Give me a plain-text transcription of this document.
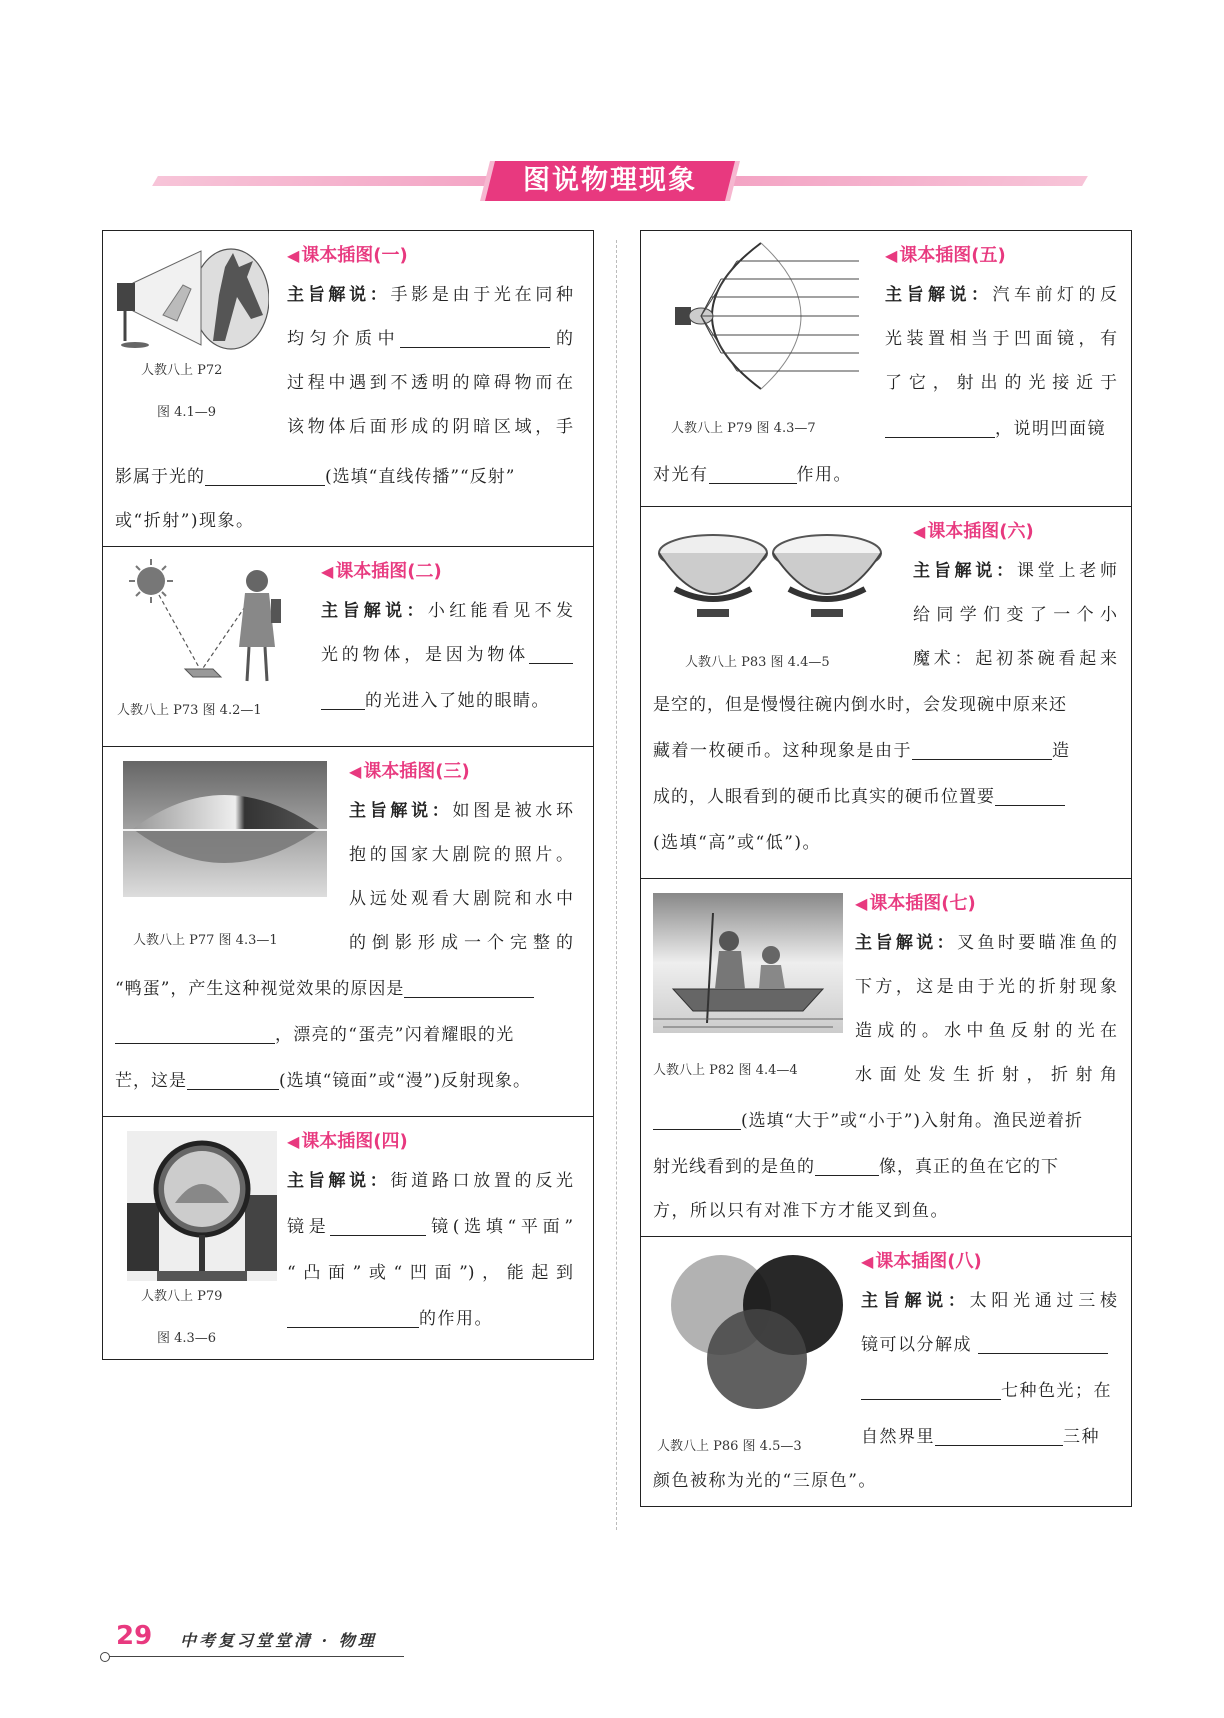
图说物理现象
人教八上 P72
图 4.1—9
◀ 课本插图(一)
主旨解说：手影是由于光在同种
均匀介质中	的
过程中遇到不透明的障碍物而在
该物体后面形成的阴暗区域，手
影属于光的	(选填“直线传播”“反射”
或“折射”)现象。
人教八上 P73 图 4.2—1
◀ 课本插图(二)
主旨解说：小红能看见不发
光的物体，是因为物体
的光进入了她的眼睛。
人教八上 P77 图 4.3—1
◀ 课本插图(三)
主旨解说：如图是被水环
抱的国家大剧院的照片。
从远处观看大剧院和水中
的倒影形成一个完整的
“鸭蛋”，产生这种视觉效果的原因是
，漂亮的“蛋壳”闪着耀眼的光
芒，这是	(选填“镜面”或“漫”)反射现象。
人教八上 P79
图 4.3—6
◀ 课本插图(四)
主旨解说：街道路口放置的反光
镜是	镜(选填“平面”
“凸面”或“凹面”)，能起到
的作用。
人教八上 P79 图 4.3—7
◀ 课本插图(五)
主旨解说：汽车前灯的反
光装置相当于凹面镜，有
了它，射出的光接近于
，说明凹面镜
对光有	作用。
人教八上 P83 图 4.4—5
◀ 课本插图(六)
主旨解说：课堂上老师
给同学们变了一个小
魔术：起初茶碗看起来
是空的，但是慢慢往碗内倒水时，会发现碗中原来还
藏着一枚硬币。这种现象是由于	造
成的，人眼看到的硬币比真实的硬币位置要
(选填“高”或“低”)。
人教八上 P82 图 4.4—4
◀ 课本插图(七)
主旨解说：叉鱼时要瞄准鱼的
下方，这是由于光的折射现象
造成的。水中鱼反射的光在
水面处发生折射，折射角
(选填“大于”或“小于”)入射角。渔民逆着折
射光线看到的是鱼的	像，真正的鱼在它的下
方，所以只有对准下方才能叉到鱼。
人教八上 P86 图 4.5—3
◀ 课本插图(八)
主旨解说：太阳光通过三棱
镜可以分解成
七种色光；在
自然界里	三种
颜色被称为光的“三原色”。
29 中考复习堂堂清 · 物理
